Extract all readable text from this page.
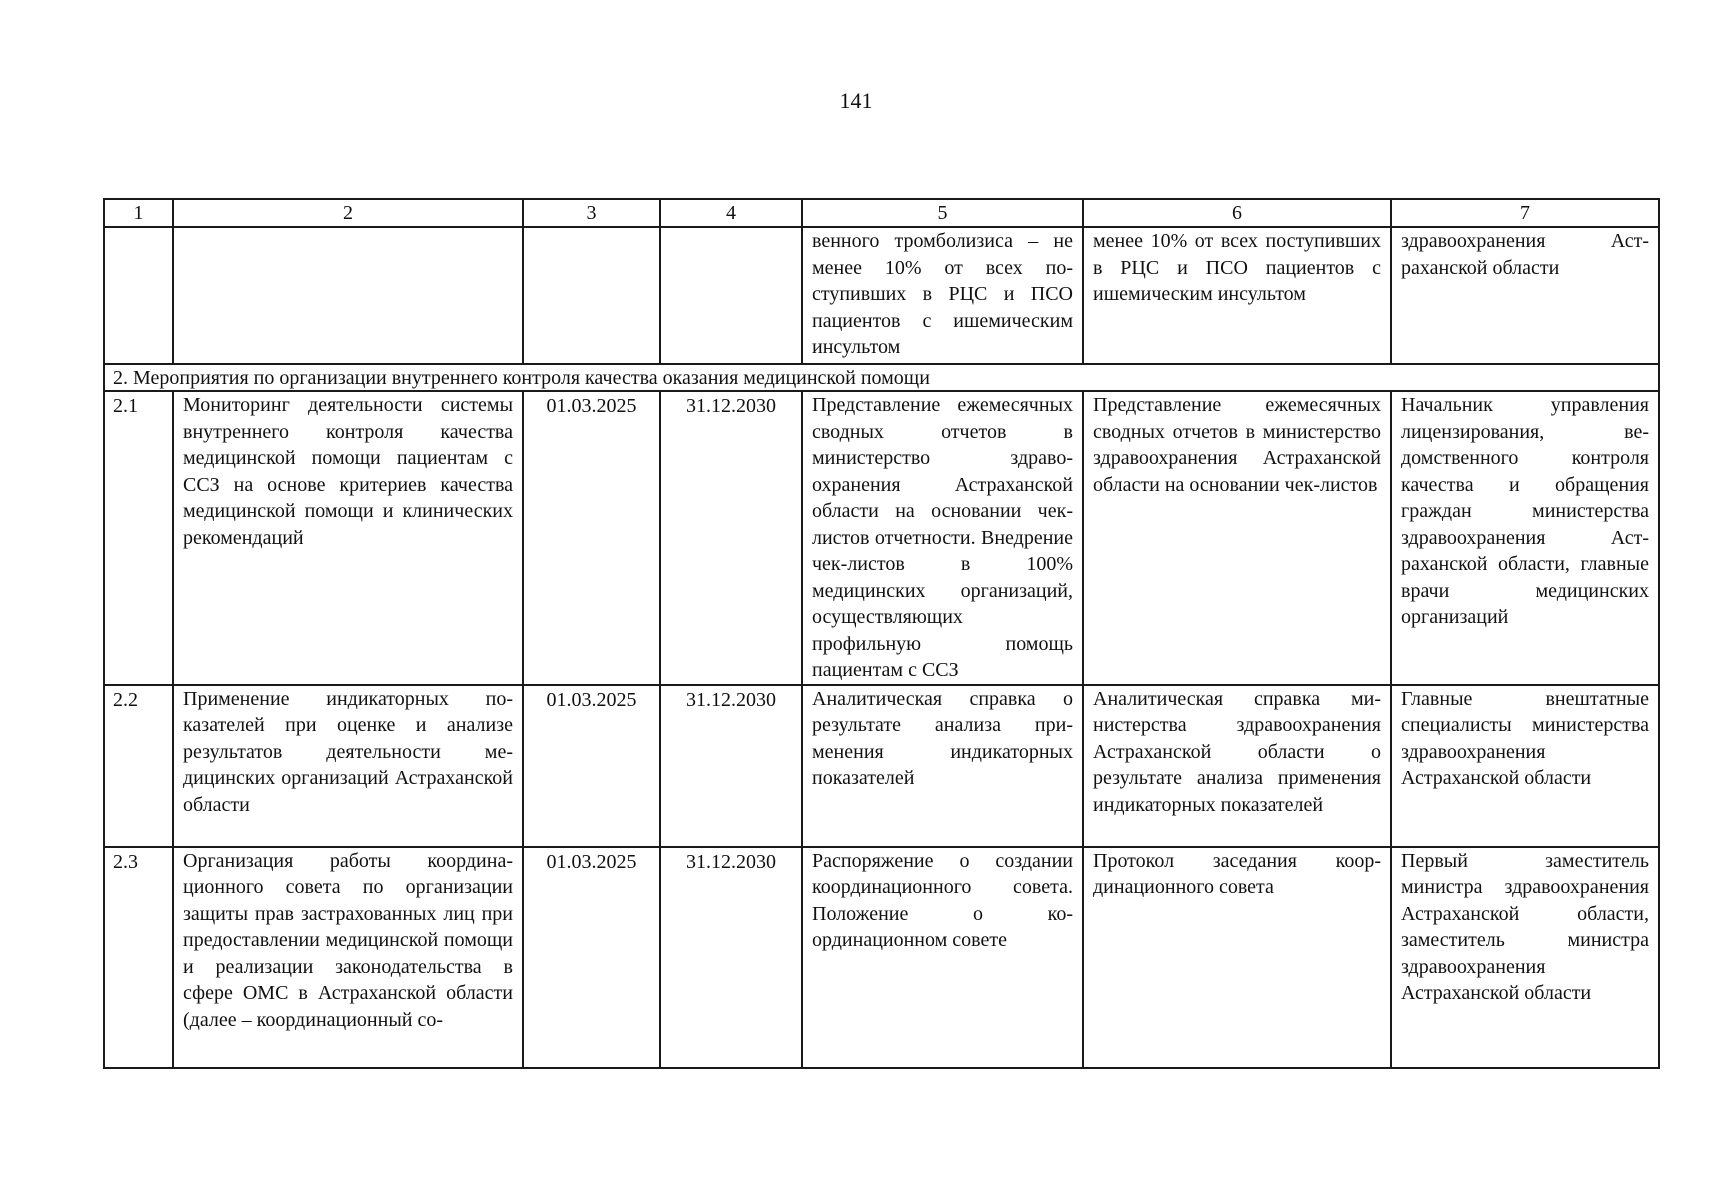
141
1	2	3	4	5	6	7
				венного тромболизиса – не менее 10% от всех поступивших в РЦС и ПСО пациентов с ишемическим инсультом	менее 10% от всех поступивших в РЦС и ПСО пациентов с ишемическим инсультом	здравоохранения Астраханской области
2. Мероприятия по организации внутреннего контроля качества оказания медицинской помощи						
2.1	Мониторинг деятельности системы внутреннего контроля качества медицинской помощи пациентам с ССЗ на основе критериев качества медицинской помощи и клинических рекомендаций	01.03.2025	31.12.2030	Представление ежемесячных сводных отчетов в министерство здравоохранения Астраханской области на основании чек-листов отчетности. Внедрение чек-листов в 100% медицинских организаций, осуществляющих профильную помощь пациентам с ССЗ	Представление ежемесячных сводных отчетов в министерство здравоохранения Астраханской области на основании чек-листов	Начальник управления лицензирования, ведомственного контроля качества и обращения граждан министерства здравоохранения Астраханской области, главные врачи медицинских организаций
2.2	Применение индикаторных показателей при оценке и анализе результатов деятельности медицинских организаций Астраханской области	01.03.2025	31.12.2030	Аналитическая справка о результате анализа применения индикаторных показателей	Аналитическая справка министерства здравоохранения Астраханской области о результате анализа применения индикаторных показателей	Главные внештатные специалисты министерства здравоохранения Астраханской области
2.3	Организация работы координационного совета по организации защиты прав застрахованных лиц при предоставлении медицинской помощи и реализации законодательства в сфере ОМС в Астраханской области (далее – координационный со-	01.03.2025	31.12.2030	Распоряжение о создании координационного совета. Положение о координационном совете	Протокол заседания координационного совета	Первый заместитель министра здравоохранения Астраханской области, заместитель министра здравоохранения Астраханской области
